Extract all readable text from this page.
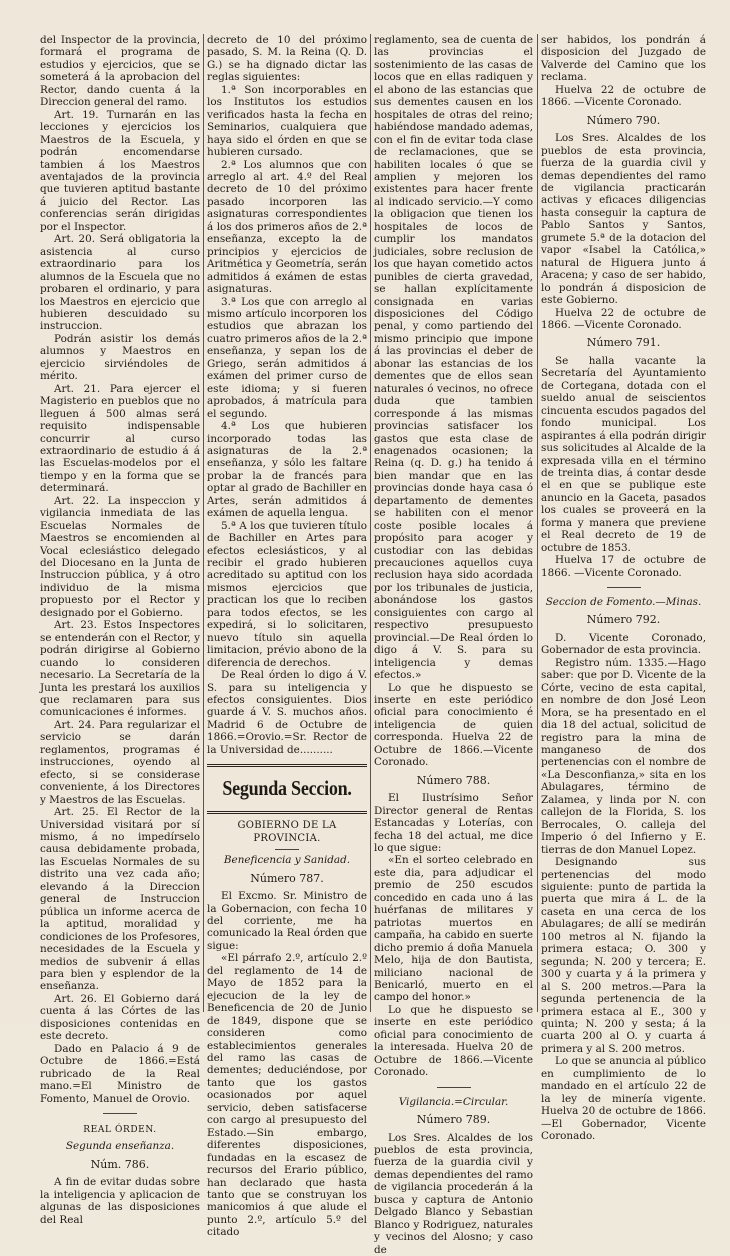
del Inspector de la provincia, formará el programa de estudios y ejercicios, que se someterá á la aprobacion del Rector, dando cuenta á la Direccion general del ramo.

Art. 19. Turnarán en las lecciones y ejercicios los Maestros de la Escuela, y podrán encomendarse tambien á los Maestros aventajados de la provincia que tuvieren aptitud bastante á juicio del Rector. Las conferencias serán dirigidas por el Inspector.

Art. 20. Será obligatoria la asistencia al curso extraordinario para los alumnos de la Escuela que no probaren el ordinario, y para los Maestros en ejercicio que hubieren descuidado su instruccion.

Podrán asistir los demás alumnos y Maestros en ejercicio sirviéndoles de mérito.

Art. 21. Para ejercer el Magisterio en pueblos que no lleguen á 500 almas será requisito indispensable concurrir al curso extraordinario de estudio á á las Escuelas-modelos por el tiempo y en la forma que se determinará.

Art. 22. La inspeccion y vigilancia inmediata de las Escuelas Normales de Maestros se encomienden al Vocal eclesiástico delegado del Diocesano en la Junta de Instruccion pública, y á otro individuo de la misma propuesto por el Rector y designado por el Gobierno.

Art. 23. Estos Inspectores se entenderán con el Rector, y podrán dirigirse al Gobierno cuando lo consideren necesario. La Secretaría de la Junta les prestará los auxilios que reclamaren para sus comunicaciones é informes.

Art. 24. Para regularizar el servicio se darán reglamentos, programas é instrucciones, oyendo al efecto, si se considerase conveniente, á los Directores y Maestros de las Escuelas.

Art. 25. El Rector de la Universidad visitará por sí mismo, á no impedírselo causa debidamente probada, las Escuelas Normales de su distrito una vez cada año; elevando á la Direccion general de Instruccion pública un informe acerca de la aptitud, moralidad y condiciones de los Profesores, necesidades de la Escuela y medios de subvenir á ellas para bien y esplendor de la enseñanza.

Art. 26. El Gobierno dará cuenta á las Córtes de las disposiciones contenidas en este decreto.

Dado en Palacio á 9 de Octubre de 1866.=Está rubricado de la Real mano.=El Ministro de Fomento, Manuel de Orovio.

REAL ÓRDEN.

Segunda enseñanza.

Núm. 786.

A fin de evitar dudas sobre la inteligencia y aplicacion de algunas de las disposiciones del Real

decreto de 10 del próximo pasado, S. M. la Reina (Q. D. G.) se ha dignado dictar las reglas siguientes:

1.ª Son incorporables en los Institutos los estudios verificados hasta la fecha en Seminarios, cualquiera que haya sido el órden en que se hubieren cursado.

2.ª Los alumnos que con arreglo al art. 4.º del Real decreto de 10 del próximo pasado incorporen las asignaturas correspondientes á los dos primeros años de 2.ª enseñanza, excepto la de principios y ejercicios de Aritmética y Geometría, serán admitidos á exámen de estas asignaturas.

3.ª Los que con arreglo al mismo artículo incorporen los estudios que abrazan los cuatro primeros años de la 2.ª enseñanza, y sepan los de Griego, serán admitidos á exámen del primer curso de este idioma; y si fueren aprobados, á matrícula para el segundo.

4.ª Los que hubieren incorporado todas las asignaturas de la 2.ª enseñanza, y sólo les faltare probar la de francés para optar al grado de Bachiller en Artes, serán admitidos á exámen de aquella lengua.

5.ª A los que tuvieren título de Bachiller en Artes para efectos eclesiásticos, y al recibir el grado hubieren acreditado su aptitud con los mismos ejercicios que practican los que lo reciben para todos efectos, se les expedirá, si lo solicitaren, nuevo título sin aquella limitacion, prévio abono de la diferencia de derechos.

De Real órden lo digo á V. S. para su inteligencia y efectos consiguientes. Dios guarde á V. S. muchos años. Madrid 6 de Octubre de 1866.=Orovio.=Sr. Rector de la Universidad de..........

Segunda Seccion.

GOBIERNO DE LA PROVINCIA.

Beneficencia y Sanidad.

Número 787.

El Excmo. Sr. Ministro de la Gobernacion, con fecha 10 del corriente, me ha comunicado la Real órden que sigue:

«El párrafo 2.º, artículo 2.º del reglamento de 14 de Mayo de 1852 para la ejecucion de la ley de Beneficencia de 20 de Junio de 1849, dispone que se consideren como establecimientos generales del ramo las casas de dementes; deduciéndose, por tanto que los gastos ocasionados por aquel servicio, deben satisfacerse con cargo al presupuesto del Estado.—Sin embargo, diferentes disposiciones, fundadas en la escasez de recursos del Erario público, han declarado que hasta tanto que se construyan los manicomios á que alude el punto 2.º, artículo 5.º del citado

reglamento, sea de cuenta de las provincias el sostenimiento de las casas de locos que en ellas radiquen y el abono de las estancias que sus dementes causen en los hospitales de otras del reino; habiéndose mandado ademas, con el fin de evitar toda clase de reclamaciones, que se habiliten locales ó que se amplien y mejoren los existentes para hacer frente al indicado servicio.—Y como la obligacion que tienen los hospitales de locos de cumplir los mandatos judiciales, sobre reclusion de los que hayan cometido actos punibles de cierta gravedad, se hallan explícitamente consignada en varias disposiciones del Código penal, y como partiendo del mismo principio que impone á las provincias el deber de abonar las estancias de los dementes que de ellos sean naturales ó vecinos, no ofrece duda que tambien corresponde á las mismas provincias satisfacer los gastos que esta clase de enagenados ocasionen; la Reina (q. D. g.) ha tenido á bien mandar que en las provincias donde haya casa ó departamento de dementes se habiliten con el menor coste posible locales á propósito para acoger y custodiar con las debidas precauciones aquellos cuya reclusion haya sido acordada por los tribunales de justicia, abonándose los gastos consiguientes con cargo al respectivo presupuesto provincial.—De Real órden lo digo á V. S. para su inteligencia y demas efectos.»

Lo que he dispuesto se inserte en este periódico oficial para conocimiento é inteligencia de quien corresponda. Huelva 22 de Octubre de 1866.—Vicente Coronado.

Número 788.

El Ilustrísimo Señor Director general de Rentas Estancadas y Loterías, con fecha 18 del actual, me dice lo que sigue:

«En el sorteo celebrado en este dia, para adjudicar el premio de 250 escudos concedido en cada uno á las huérfanas de militares y patriotas muertos en campaña, ha cabido en suerte dicho premio á doña Manuela Melo, hija de don Bautista, miliciano nacional de Benicarló, muerto en el campo del honor.»

Lo que he dispuesto se inserte en este periódico oficial para conocimiento de la interesada. Huelva 20 de Octubre de 1866.—Vicente Coronado.

Vigilancia.=Circular.

Número 789.

Los Sres. Alcaldes de los pueblos de esta provincia, fuerza de la guardia civil y demas dependientes del ramo de vigilancia procederán á la busca y captura de Antonio Delgado Blanco y Sebastian Blanco y Rodriguez, naturales y vecinos del Alosno; y caso de

ser habidos, los pondrán á disposicion del Juzgado de Valverde del Camino que los reclama.

Huelva 22 de octubre de 1866. —Vicente Coronado.

Número 790.

Los Sres. Alcaldes de los pueblos de esta provincia, fuerza de la guardia civil y demas dependientes del ramo de vigilancia practicarán activas y eficaces diligencias hasta conseguir la captura de Pablo Santos y Santos, grumete 5.ª de la dotacion del vapor «Isabel la Católica,» natural de Higuera junto á Aracena; y caso de ser habido, lo pondrán á disposicion de este Gobierno.

Huelva 22 de octubre de 1866. —Vicente Coronado.

Número 791.

Se halla vacante la Secretaría del Ayuntamiento de Cortegana, dotada con el sueldo anual de seiscientos cincuenta escudos pagados del fondo municipal. Los aspirantes á ella podrán dirigir sus solicitudes al Alcalde de la expresada villa en el término de treinta dias, á contar desde el en que se publique este anuncio en la Gaceta, pasados los cuales se proveerá en la forma y manera que previene el Real decreto de 19 de octubre de 1853.

Huelva 17 de octubre de 1866. —Vicente Coronado.

Seccion de Fomento.—Minas.

Número 792.

D. Vicente Coronado, Gobernador de esta provincia.

Registro núm. 1335.—Hago saber: que por D. Vicente de la Córte, vecino de esta capital, en nombre de don José Leon Mora, se ha presentado en el dia 18 del actual, solicitud de registro para la mina de manganeso de dos pertenencias con el nombre de «La Desconfianza,» sita en los Abulagares, término de Zalamea, y linda por N. con callejon de la Florida, S. los Berrocales, O. calleja del Imperio ó del Infierno y E. tierras de don Manuel Lopez.

Designando sus pertenencias del modo siguiente: punto de partida la puerta que mira á L. de la caseta en una cerca de los Abulagares; de allí se medirán 100 metros al N. fijando la primera estaca; O. 300 y segunda; N. 200 y tercera; E. 300 y cuarta y á la primera y al S. 200 metros.—Para la segunda pertenencia de la primera estaca al E., 300 y quinta; N. 200 y sesta; á la cuarta 200 al O. y cuarta á primera y al S. 200 metros.

Lo que se anuncia al público en cumplimiento de lo mandado en el artículo 22 de la ley de minería vigente. Huelva 20 de octubre de 1866.—El Gobernador, Vicente Coronado.
